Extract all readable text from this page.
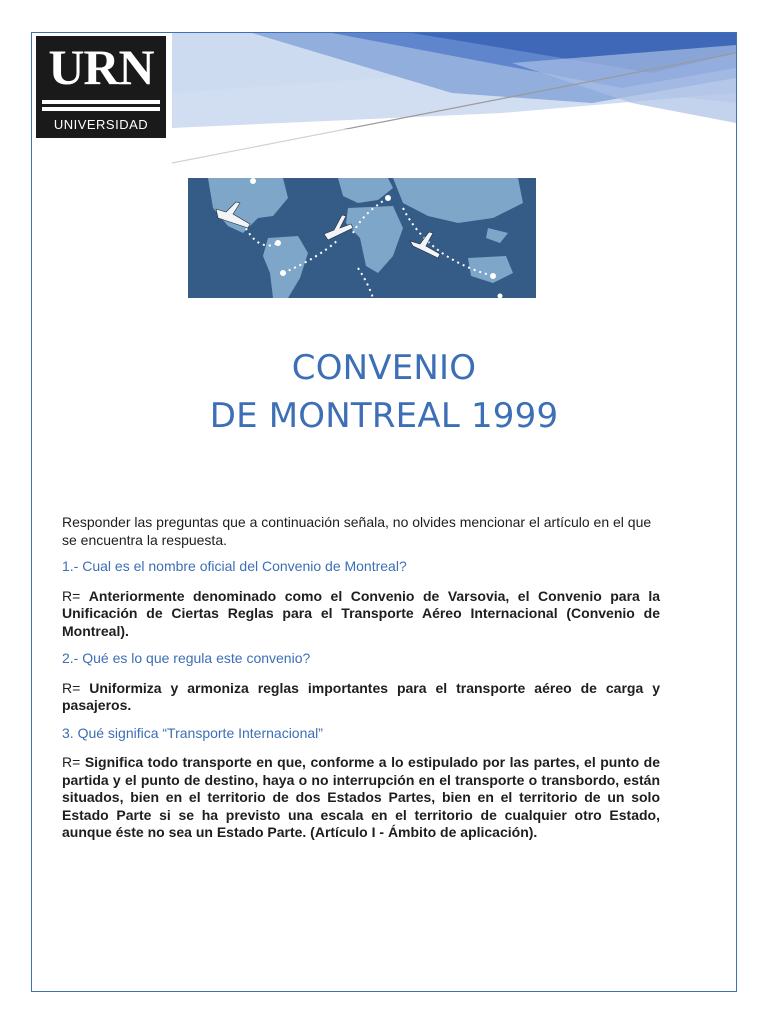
URN
UNIVERSIDAD
CONVENIO
DE MONTREAL 1999

Responder las preguntas que a continuación señala, no olvides mencionar el artículo en el que se encuentra la respuesta.

1.- Cual es el nombre oficial del Convenio de Montreal?

R= Anteriormente denominado como el Convenio de Varsovia, el Convenio para la Unificación de Ciertas Reglas para el Transporte Aéreo Internacional (Convenio de Montreal).

2.- Qué es lo que regula este convenio?

R= Uniformiza y armoniza reglas importantes para el transporte aéreo de carga y pasajeros.

3. Qué significa “Transporte Internacional”

R= Significa todo transporte en que, conforme a lo estipulado por las partes, el punto de partida y el punto de destino, haya o no interrupción en el transporte o transbordo, están situados, bien en el territorio de dos Estados Partes, bien en el territorio de un solo Estado Parte si se ha previsto una escala en el territorio de cualquier otro Estado, aunque éste no sea un Estado Parte. (Artículo I - Ámbito de aplicación).
